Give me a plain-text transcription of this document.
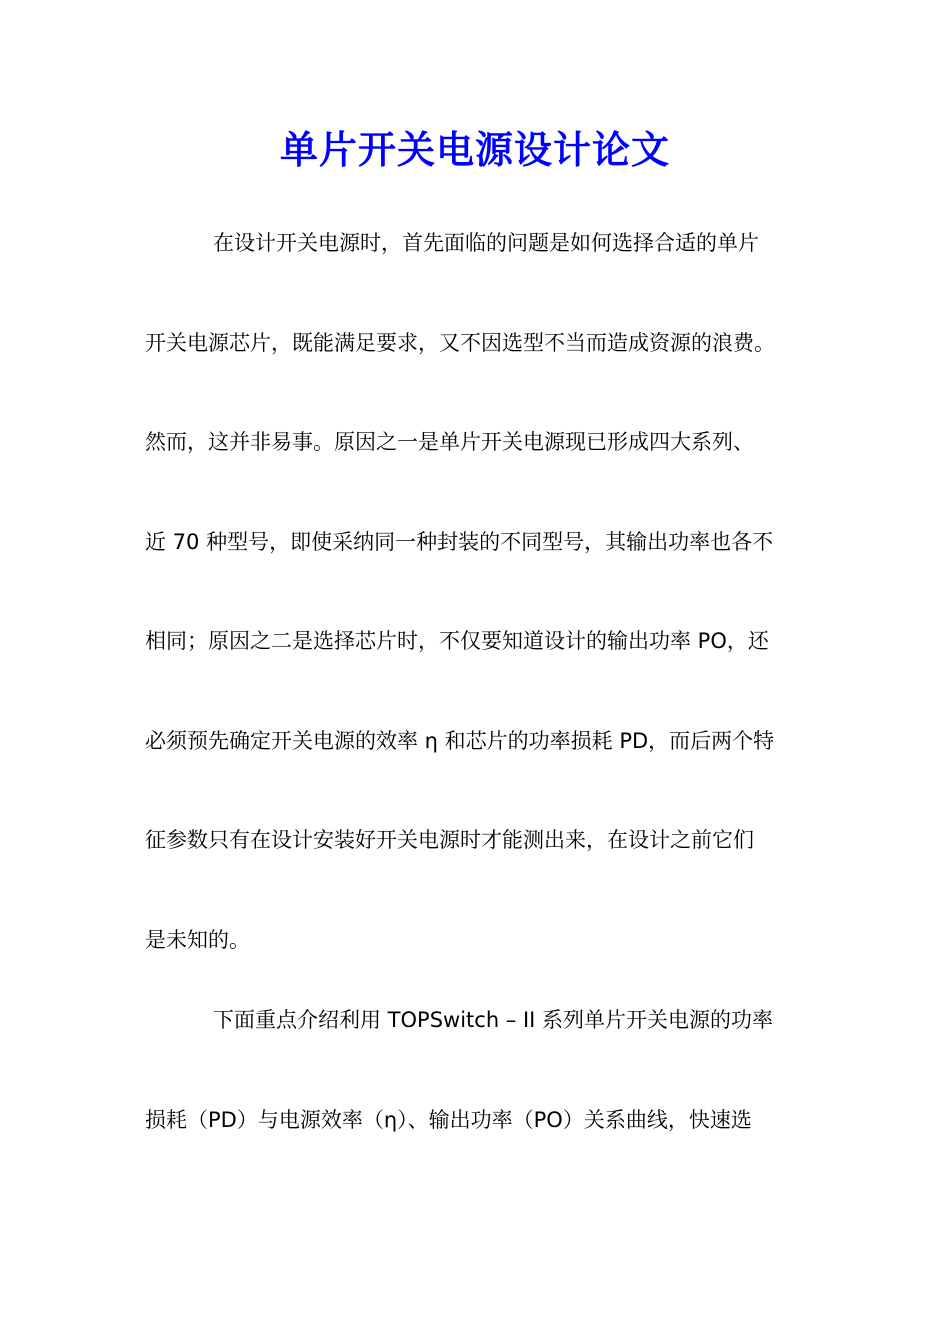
单片开关电源设计论文

在设计开关电源时，首先面临的问题是如何选择合适的单片

开关电源芯片，既能满足要求，又不因选型不当而造成资源的浪费。

然而，这并非易事。原因之一是单片开关电源现已形成四大系列、

近 70 种型号，即使采纳同一种封装的不同型号，其输出功率也各不

相同；原因之二是选择芯片时，不仅要知道设计的输出功率 PO，还

必须预先确定开关电源的效率 η 和芯片的功率损耗 PD，而后两个特

征参数只有在设计安装好开关电源时才能测出来，在设计之前它们

是未知的。

下面重点介绍利用 TOPSwitch – II 系列单片开关电源的功率

损耗（PD）与电源效率（η）、输出功率（PO）关系曲线，快速选
